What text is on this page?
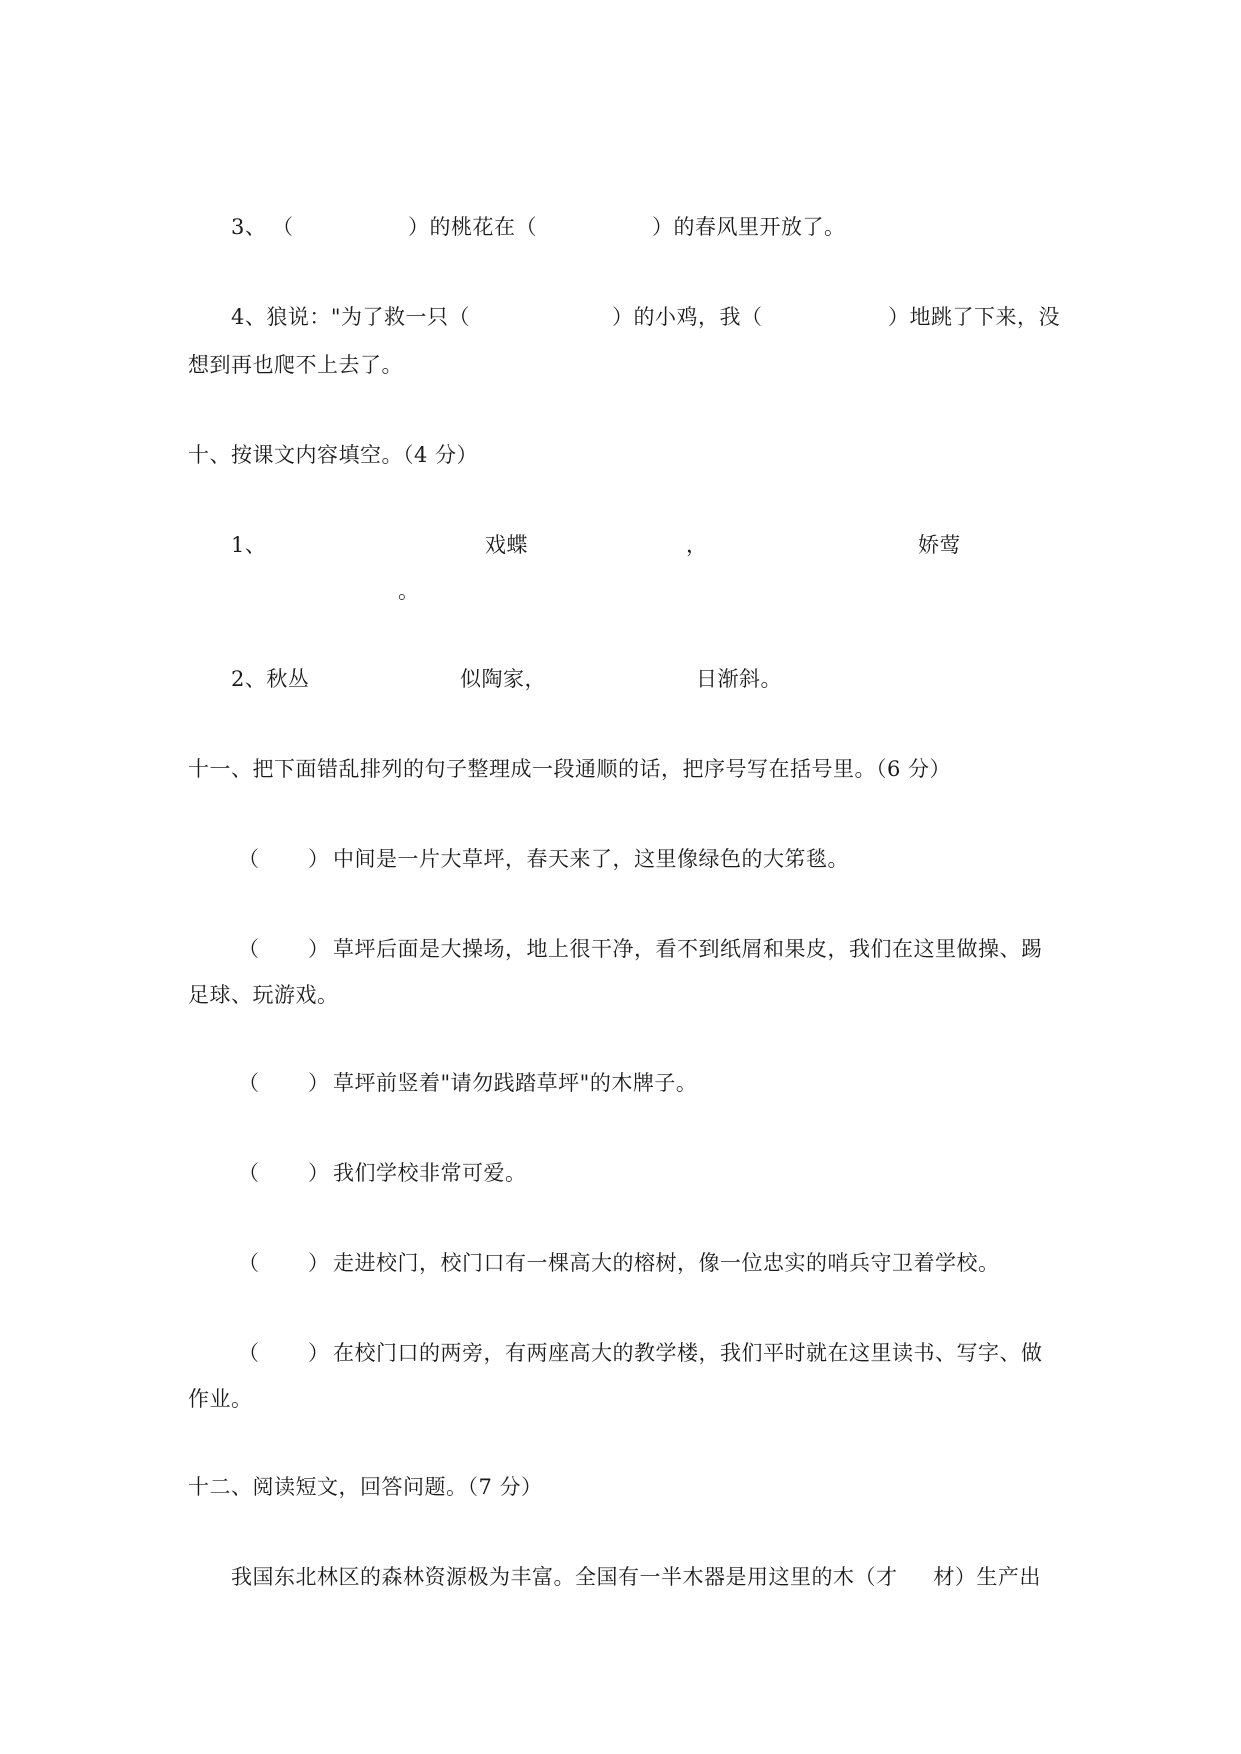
3、 （	）的桃花在（	）的春风里开放了。
4、狼说："为了救一只（	）的小鸡，我（	）地跳了下来，没
想到再也爬不上去了。
十、按课文内容填空。（4 分）
1、	戏蝶	，	娇莺
。
2、秋丛	似陶家，	日渐斜。
十一、把下面错乱排列的句子整理成一段通顺的话，把序号写在括号里。（6 分）
（ ） 中间是一片大草坪，春天来了，这里像绿色的大笫毯。
（ ） 草坪后面是大操场，地上很干净，看不到纸屑和果皮，我们在这里做操、踢
足球、玩游戏。
（ ） 草坪前竖着"请勿践踏草坪"的木牌子。
（ ） 我们学校非常可爱。
（ ） 走进校门，校门口有一棵高大的榕树，像一位忠实的哨兵守卫着学校。
（ ） 在校门口的两旁，有两座高大的教学楼，我们平时就在这里读书、写字、做
作业。
十二、阅读短文，回答问题。（7 分）
我国东北林区的森林资源极为丰富。全国有一半木器是用这里的木（才     材）生产出
